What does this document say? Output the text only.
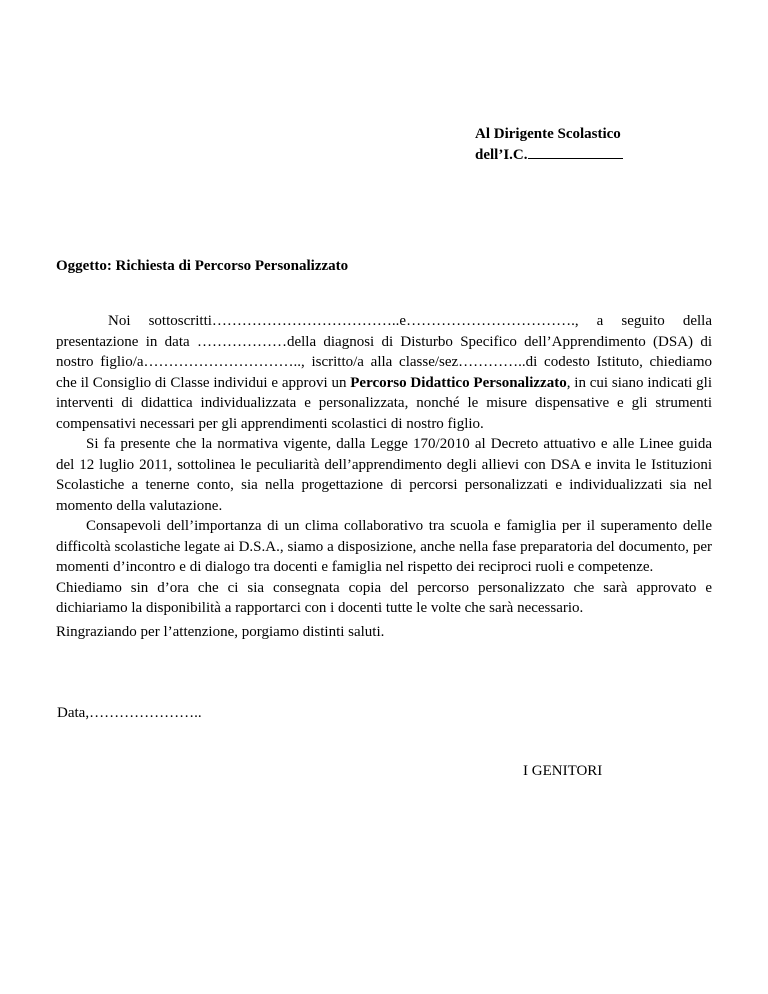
Al Dirigente Scolastico
dell’I.C.
Oggetto: Richiesta di Percorso Personalizzato

Noi sottoscritti………………………………..e……………………………., a seguito della presentazione in data ………………della diagnosi di Disturbo Specifico dell’Apprendimento (DSA) di nostro figlio/a………………………….., iscritto/a alla classe/sez…………..di codesto Istituto, chiediamo che il Consiglio di Classe individui e approvi un Percorso Didattico Personalizzato, in cui siano indicati gli interventi di didattica individualizzata e personalizzata, nonché le misure dispensative e gli strumenti compensativi necessari per gli apprendimenti scolastici di nostro figlio.

Si fa presente che la normativa vigente, dalla Legge 170/2010 al Decreto attuativo e alle Linee guida del 12 luglio 2011, sottolinea le peculiarità dell’apprendimento degli allievi con DSA e invita le Istituzioni Scolastiche a tenerne conto, sia nella progettazione di percorsi personalizzati e individualizzati sia nel momento della valutazione.

Consapevoli dell’importanza di un clima collaborativo tra scuola e famiglia per il superamento delle difficoltà scolastiche legate ai D.S.A., siamo a disposizione, anche nella fase preparatoria del documento, per momenti d’incontro e di dialogo tra docenti e famiglia nel rispetto dei reciproci ruoli e competenze.

Chiediamo sin d’ora che ci sia consegnata copia del percorso personalizzato che sarà approvato e dichiariamo la disponibilità a rapportarci con i docenti tutte le volte che sarà necessario.

Ringraziando per l’attenzione, porgiamo distinti saluti.
Data,…………………..
I GENITORI
